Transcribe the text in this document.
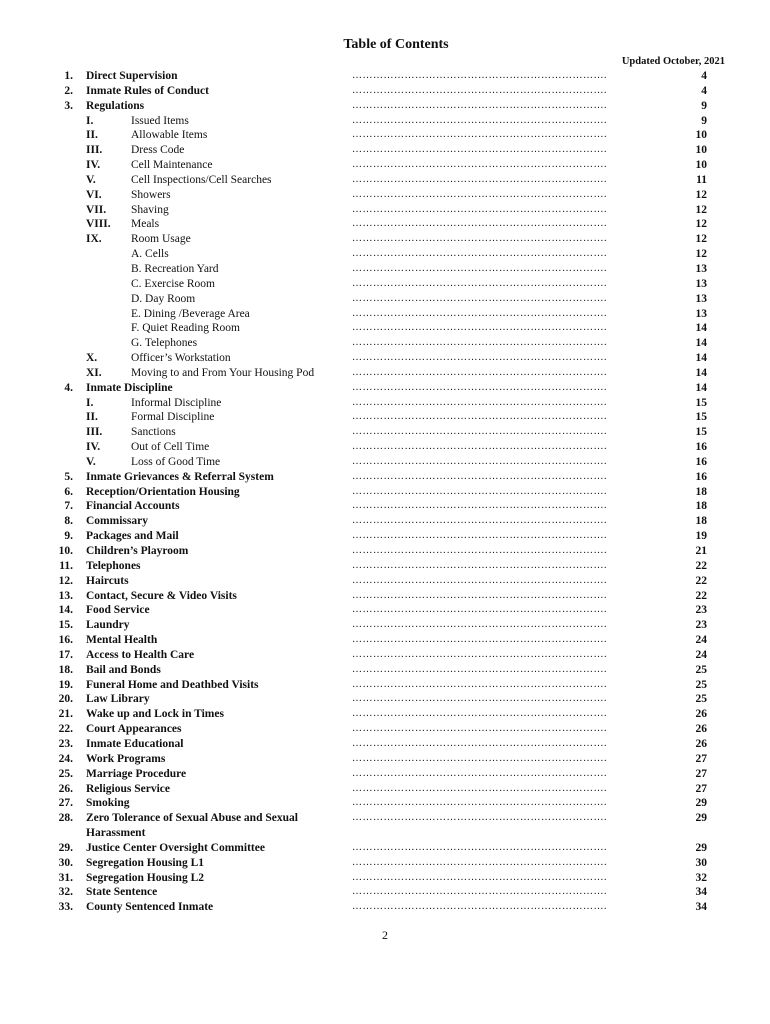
Table of Contents
Updated October, 2021
1. Direct Supervision	……………………………………………………………….	4
2. Inmate Rules of Conduct	……………………………………………………………….	4
3. Regulations	……………………………………………………………….	9
I.	Issued Items	……………………………………………………………….	9
II.	Allowable Items	……………………………………………………………….	10
III. Dress Code	……………………………………………………………….	10
IV.	Cell Maintenance	……………………………………………………………….	10
V.	Cell Inspections/Cell Searches	……………………………………………………………….	11
VI.	Showers	……………………………………………………………….	12
VII. Shaving	……………………………………………………………….	12
VIII. Meals	……………………………………………………………….	12
IX.	Room Usage	……………………………………………………………….	12
A. Cells	……………………………………………………………….	12
B. Recreation Yard	……………………………………………………………….	13
C. Exercise Room	……………………………………………………………….	13
D. Day Room	……………………………………………………………….	13
E. Dining /Beverage Area	……………………………………………………………….	13
F. Quiet Reading Room	……………………………………………………………….	14
G. Telephones	……………………………………………………………….	14
X.	Officer’s Workstation	……………………………………………………………….	14
XI.	Moving to and From Your Housing Pod	……………………………………………………………….	14
4. Inmate Discipline	……………………………………………………………….	14
I.	Informal Discipline	……………………………………………………………….	15
II.	Formal Discipline	……………………………………………………………….	15
III. Sanctions	……………………………………………………………….	15
IV.	Out of Cell Time	……………………………………………………………….	16
V.	Loss of Good Time	……………………………………………………………….	16
5. Inmate Grievances & Referral System	……………………………………………………………….	16
6. Reception/Orientation Housing	……………………………………………………………….	18
7. Financial Accounts	……………………………………………………………….	18
8. Commissary	……………………………………………………………….	18
9. Packages and Mail	……………………………………………………………….	19
10. Children’s Playroom	……………………………………………………………….	21
11. Telephones	……………………………………………………………….	22
12. Haircuts	……………………………………………………………….	22
13. Contact, Secure & Video Visits	……………………………………………………………….	22
14. Food Service	……………………………………………………………….	23
15. Laundry	……………………………………………………………….	23
16. Mental Health	……………………………………………………………….	24
17. Access to Health Care	……………………………………………………………….	24
18. Bail and Bonds	……………………………………………………………….	25
19. Funeral Home and Deathbed Visits	……………………………………………………………….	25
20. Law Library	……………………………………………………………….	25
21. Wake up and Lock in Times	……………………………………………………………….	26
22. Court Appearances	……………………………………………………………….	26
23. Inmate Educational	……………………………………………………………….	26
24. Work Programs	……………………………………………………………….	27
25. Marriage Procedure	……………………………………………………………….	27
26. Religious Service	……………………………………………………………….	27
27. Smoking	……………………………………………………………….	29
28. Zero Tolerance of Sexual Abuse and Sexual Harassment
……………………………………………………………….	29
29. Justice Center Oversight Committee	……………………………………………………………….	29
30. Segregation Housing L1	……………………………………………………………….	30
31. Segregation Housing L2	……………………………………………………………….	32
32. State Sentence	……………………………………………………………….	34
33. County Sentenced Inmate	……………………………………………………………….	34
2
